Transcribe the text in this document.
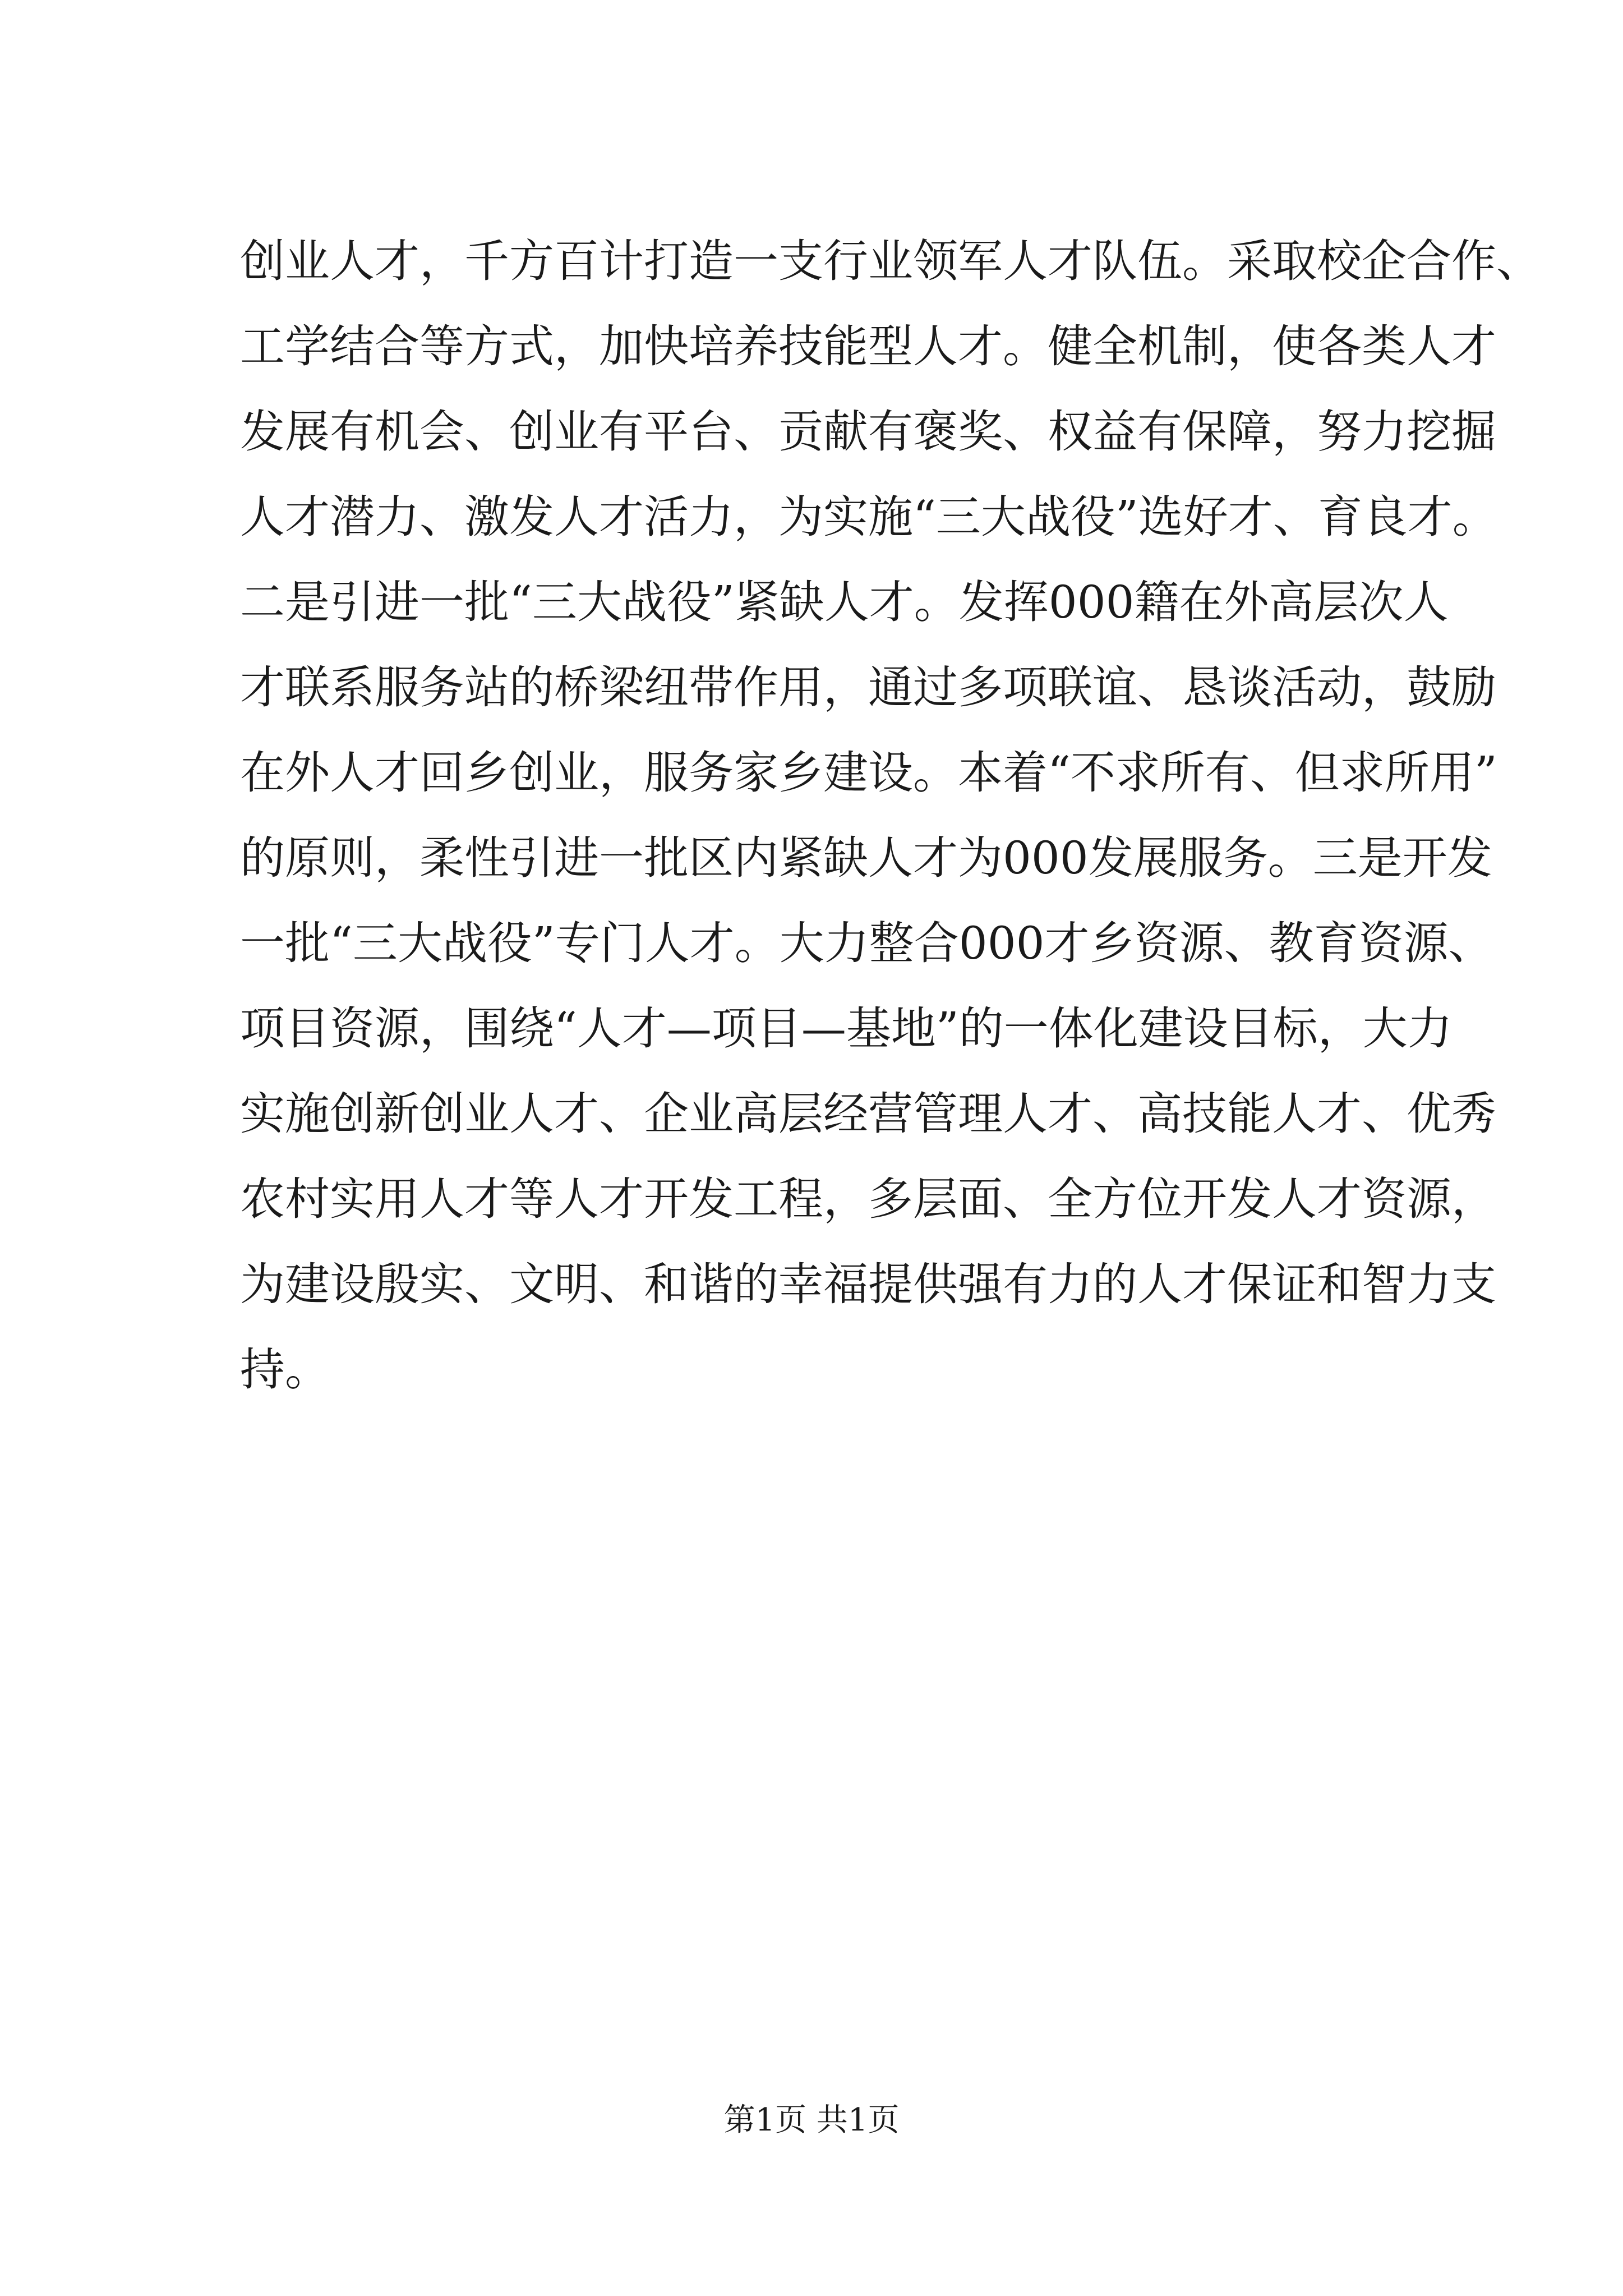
创业人才，千方百计打造一支行业领军人才队伍。采取校企合作、
工学结合等方式，加快培养技能型人才。健全机制，使各类人才
发展有机会、创业有平台、贡献有褒奖、权益有保障，努力挖掘
人才潜力、激发人才活力，为实施“三大战役”选好才、育良才。
二是引进一批“三大战役”紧缺人才。发挥000籍在外高层次人
才联系服务站的桥梁纽带作用，通过多项联谊、恳谈活动，鼓励
在外人才回乡创业，服务家乡建设。本着“不求所有、但求所用”
的原则，柔性引进一批区内紧缺人才为000发展服务。三是开发
一批“三大战役”专门人才。大力整合000才乡资源、教育资源、
项目资源，围绕“人才—项目—基地”的一体化建设目标，大力
实施创新创业人才、企业高层经营管理人才、高技能人才、优秀
农村实用人才等人才开发工程，多层面、全方位开发人才资源，
为建设殷实、文明、和谐的幸福提供强有力的人才保证和智力支
持。
第1页 共1页
